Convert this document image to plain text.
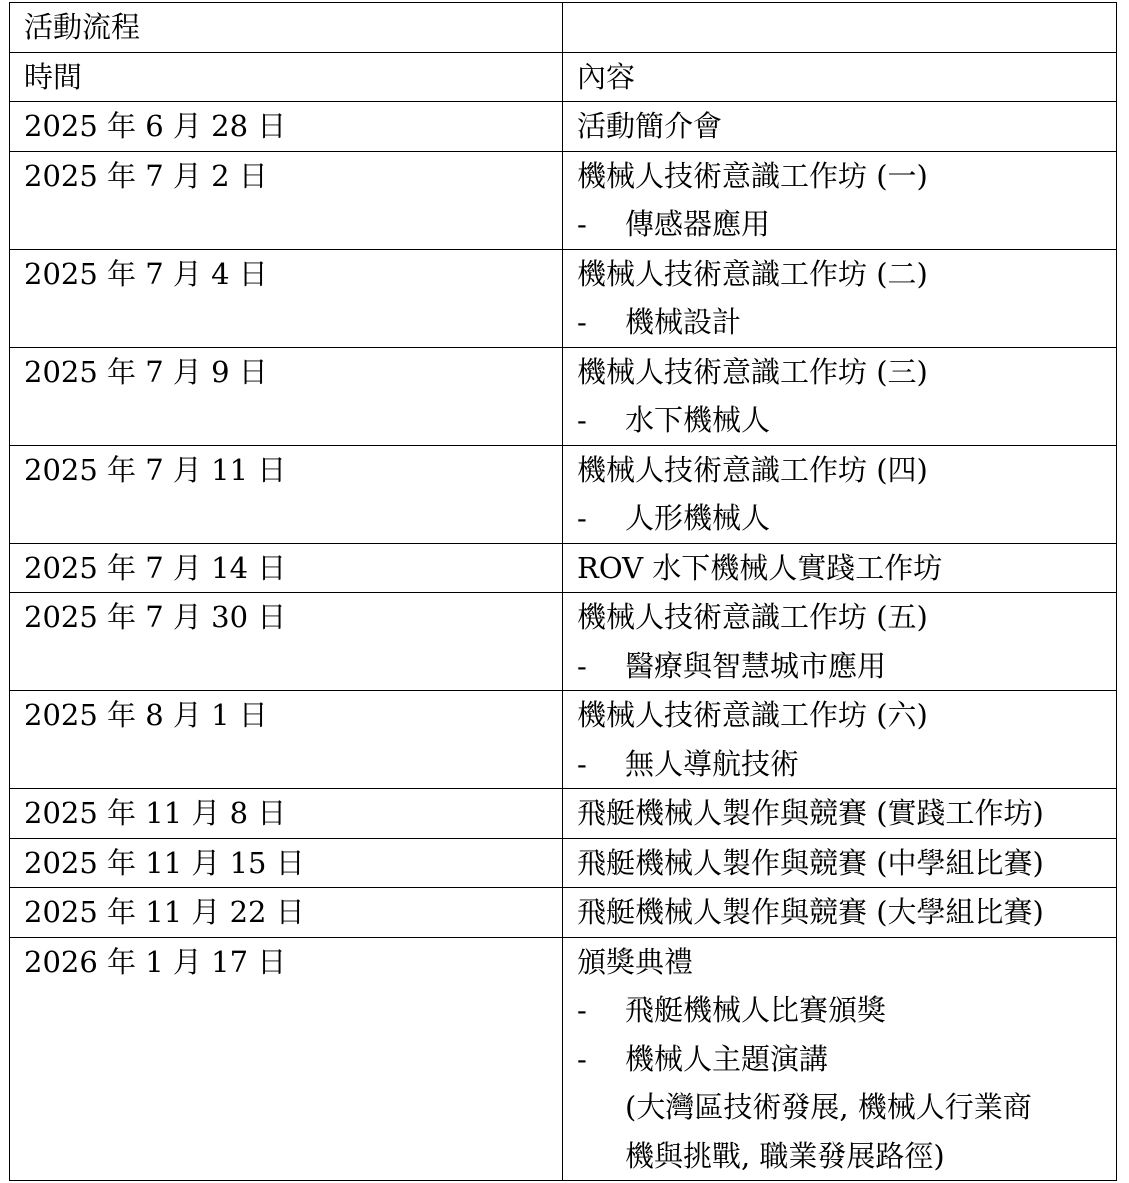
活動流程	

時間	內容

2025 年 6 月 28 日	活動簡介會

2025 年 7 月 2 日	機械人技術意識工作坊 (一)
- 傳感器應用

2025 年 7 月 4 日	機械人技術意識工作坊 (二)
- 機械設計

2025 年 7 月 9 日	機械人技術意識工作坊 (三)
- 水下機械人

2025 年 7 月 11 日	機械人技術意識工作坊 (四)
- 人形機械人

2025 年 7 月 14 日	ROV 水下機械人實踐工作坊

2025 年 7 月 30 日	機械人技術意識工作坊 (五)
- 醫療與智慧城市應用

2025 年 8 月 1 日	機械人技術意識工作坊 (六)
- 無人導航技術

2025 年 11 月 8 日	飛艇機械人製作與競賽 (實踐工作坊)

2025 年 11 月 15 日	飛艇機械人製作與競賽 (中學組比賽)

2025 年 11 月 22 日	飛艇機械人製作與競賽 (大學組比賽)

2026 年 1 月 17 日	頒獎典禮
- 飛艇機械人比賽頒獎
- 機械人主題演講
(大灣區技術發展, 機械人行業商
機與挑戰, 職業發展路徑)
